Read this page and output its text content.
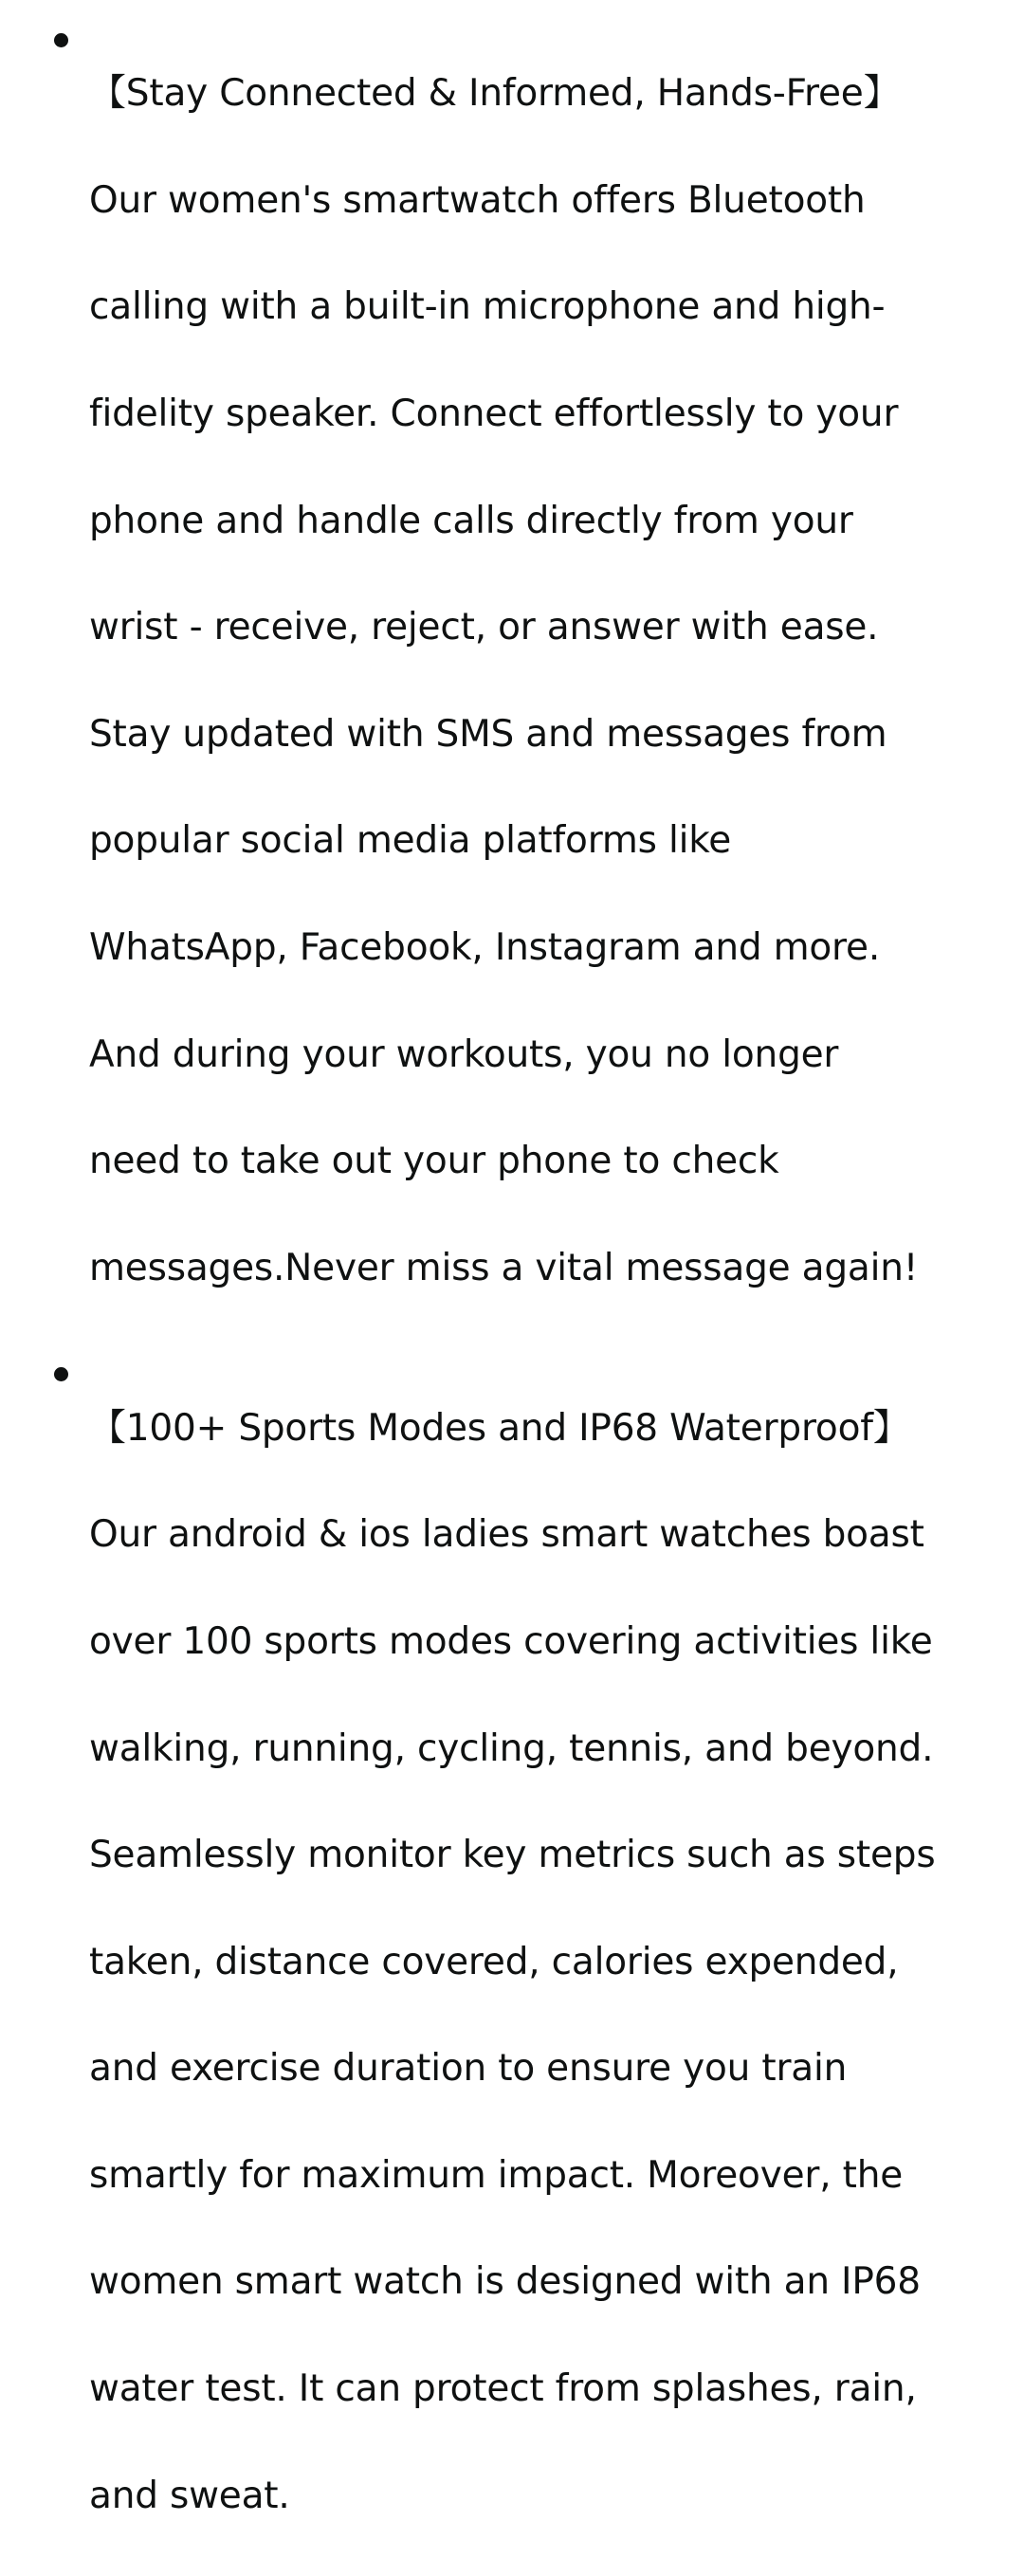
【Stay Connected & Informed, Hands-Free】

Our women's smartwatch offers Bluetooth

calling with a built-in microphone and high-

fidelity speaker. Connect effortlessly to your

phone and handle calls directly from your

wrist - receive, reject, or answer with ease.

Stay updated with SMS and messages from

popular social media platforms like

WhatsApp, Facebook, Instagram and more.

And during your workouts, you no longer

need to take out your phone to check

messages.Never miss a vital message again!

【100+ Sports Modes and IP68 Waterproof】

Our android & ios ladies smart watches boast

over 100 sports modes covering activities like

walking, running, cycling, tennis, and beyond.

Seamlessly monitor key metrics such as steps

taken, distance covered, calories expended,

and exercise duration to ensure you train

smartly for maximum impact. Moreover, the

women smart watch is designed with an IP68

water test. It can protect from splashes, rain,

and sweat.
